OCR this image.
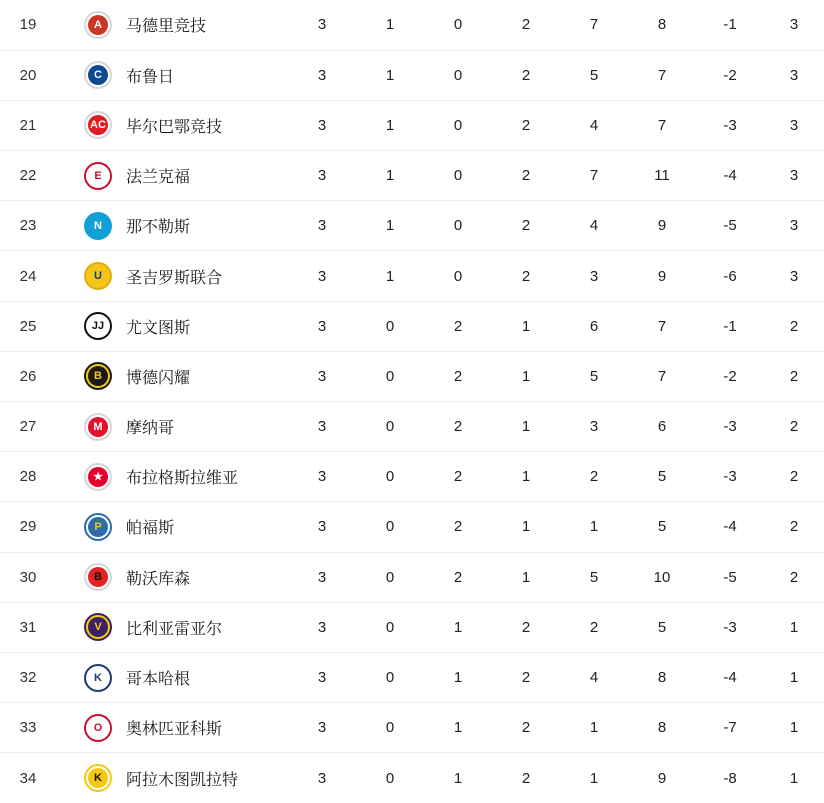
19	A 马德里竞技	3	1	0	2	7	8	-1	3
20	C 布鲁日	3	1	0	2	5	7	-2	3
21	AC 毕尔巴鄂竞技	3	1	0	2	4	7	-3	3
22	E 法兰克福	3	1	0	2	7	11	-4	3
23	N 那不勒斯	3	1	0	2	4	9	-5	3
24	U 圣吉罗斯联合	3	1	0	2	3	9	-6	3
25	JJ 尤文图斯	3	0	2	1	6	7	-1	2
26	B 博德闪耀	3	0	2	1	5	7	-2	2
27	M 摩纳哥	3	0	2	1	3	6	-3	2
28	★ 布拉格斯拉维亚	3	0	2	1	2	5	-3	2
29	P 帕福斯	3	0	2	1	1	5	-4	2
30	B 勒沃库森	3	0	2	1	5	10	-5	2
31	V 比利亚雷亚尔	3	0	1	2	2	5	-3	1
32	K 哥本哈根	3	0	1	2	4	8	-4	1
33	O 奥林匹亚科斯	3	0	1	2	1	8	-7	1
34	K 阿拉木图凯拉特	3	0	1	2	1	9	-8	1
